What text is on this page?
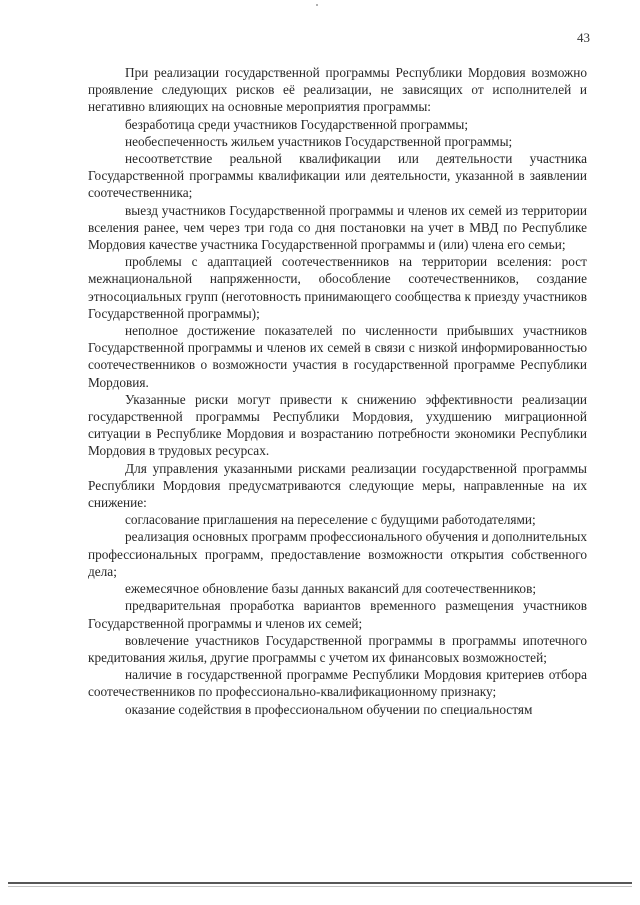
43

При реализации государственной программы Республики Мордовия возможно проявление следующих рисков её реализации, не зависящих от исполнителей и негативно влияющих на основные мероприятия программы:

безработица среди участников Государственной программы;

необеспеченность жильем участников Государственной программы;

несоответствие реальной квалификации или деятельности участника Государственной программы квалификации или деятельности, указанной в заявлении соотечественника;

выезд участников Государственной программы и членов их семей из территории вселения ранее, чем через три года со дня постановки на учет в МВД по Республике Мордовия качестве участника Государственной программы и (или) члена его семьи;

проблемы с адаптацией соотечественников на территории вселения: рост межнациональной напряженности, обособление соотечественников, создание этносоциальных групп (неготовность принимающего сообщества к приезду участников Государственной программы);

неполное достижение показателей по численности прибывших участников Государственной программы и членов их семей в связи с низкой информированностью соотечественников о возможности участия в государственной программе Республики Мордовия.

Указанные риски могут привести к снижению эффективности реализации государственной программы Республики Мордовия, ухудшению миграционной ситуации в Республике Мордовия и возрастанию потребности экономики Республики Мордовия в трудовых ресурсах.

Для управления указанными рисками реализации государственной программы Республики Мордовия предусматриваются следующие меры, направленные на их снижение:

согласование приглашения на переселение с будущими работодателями;

реализация основных программ профессионального обучения и дополнительных профессиональных программ, предоставление возможности открытия собственного дела;

ежемесячное обновление базы данных вакансий для соотечественников;

предварительная проработка вариантов временного размещения участников Государственной программы и членов их семей;

вовлечение участников Государственной программы в программы ипотечного кредитования жилья, другие программы с учетом их финансовых возможностей;

наличие в государственной программе Республики Мордовия критериев отбора соотечественников по профессионально-квалификационному признаку;

оказание содействия в профессиональном обучении по специальностям
